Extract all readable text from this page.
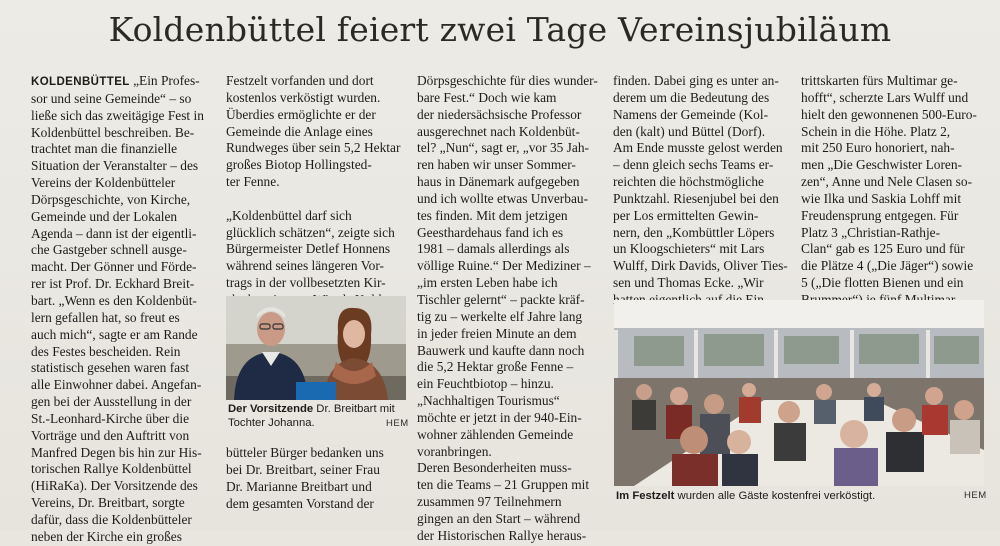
Koldenbüttel feiert zwei Tage Vereinsjubiläum
KOLDENBÜTTEL „Ein Profes-
sor und seine Gemeinde“ – so
ließe sich das zweitägige Fest in
Koldenbüttel beschreiben. Be-
trachtet man die finanzielle
Situation der Veranstalter – des
Vereins der Koldenbütteler
Dörpsgeschichte, von Kirche,
Gemeinde und der Lokalen
Agenda – dann ist der eigentli-
che Gastgeber schnell ausge-
macht. Der Gönner und Förde-
rer ist Prof. Dr. Eckhard Breit-
bart. „Wenn es den Koldenbüt-
lern gefallen hat, so freut es
auch mich“, sagte er am Rande
des Festes bescheiden. Rein
statistisch gesehen waren fast
alle Einwohner dabei. Angefan-
gen bei der Ausstellung in der
St.-Leonhard-Kirche über die
Vorträge und den Auftritt von
Manfred Degen bis hin zur His-
torischen Rallye Koldenbüttel
(HiRaKa). Der Vorsitzende des
Vereins, Dr. Breitbart, sorgte
dafür, dass die Koldenbütteler
neben der Kirche ein großes
Festzelt vorfanden und dort
kostenlos verköstigt wurden.
Überdies ermöglichte er der
Gemeinde die Anlage eines
Rundweges über sein 5,2 Hektar
großes Biotop Hollingsted-
ter Fenne.

„Koldenbüttel darf sich
glücklich schätzen“, zeigte sich
Bürgermeister Detlef Honnens
während seines längeren Vor-
trags in der vollbesetzten Kir-
Der Vorsitzende Dr. Breitbart mit
Tochter Johanna.	HEM
bütteler Bürger bedanken uns
bei Dr. Breitbart, seiner Frau
Dr. Marianne Breitbart und
dem gesamten Vorstand der
Dörpsgeschichte für dies wunder-
bare Fest.“ Doch wie kam
der niedersächsische Professor
ausgerechnet nach Koldenbüt-
tel? „Nun“, sagt er, „vor 35 Jah-
ren haben wir unser Sommer-
haus in Dänemark aufgegeben
und ich wollte etwas Unverbau-
tes finden. Mit dem jetzigen
Geesthardehaus fand ich es
1981 – damals allerdings als
völlige Ruine.“ Der Mediziner –
„im ersten Leben habe ich
Tischler gelernt“ – packte kräf-
tig zu – werkelte elf Jahre lang
in jeder freien Minute an dem
Bauwerk und kaufte dann noch
die 5,2 Hektar große Fenne –
ein Feuchtbiotop – hinzu.
„Nachhaltigen Tourismus“
möchte er jetzt in der 940-Ein-
wohner zählenden Gemeinde
voranbringen.
Deren Besonderheiten muss-
ten die Teams – 21 Gruppen mit
zusammen 97 Teilnehmern
gingen an den Start – während
der Historischen Rallye heraus-
finden. Dabei ging es unter an-
derem um die Bedeutung des
Namens der Gemeinde (Kol-
den (kalt) und Büttel (Dorf).
Am Ende musste gelost werden
– denn gleich sechs Teams er-
reichten die höchstmögliche
Punktzahl. Riesenjubel bei den
per Los ermittelten Gewin-
nern, den „Kombüttler Löpers
un Kloogschieters“ mit Lars
Wulff, Dirk Davids, Oliver Ties-
sen und Thomas Ecke. „Wir
trittskarten fürs Multimar ge-
hofft“, scherzte Lars Wulff und
hielt den gewonnenen 500-Euro-
Schein in die Höhe. Platz 2,
mit 250 Euro honoriert, nah-
men „Die Geschwister Loren-
zen“, Anne und Nele Clasen so-
wie Ilka und Saskia Lohff mit
Freudensprung entgegen. Für
Platz 3 „Christian-Rathje-
Clan“ gab es 125 Euro und für
die Plätze 4 („Die Jäger“) sowie
5 („Die flotten Bienen und ein
Im Festzelt wurden alle Gäste kostenfrei verköstigt.	HEM
